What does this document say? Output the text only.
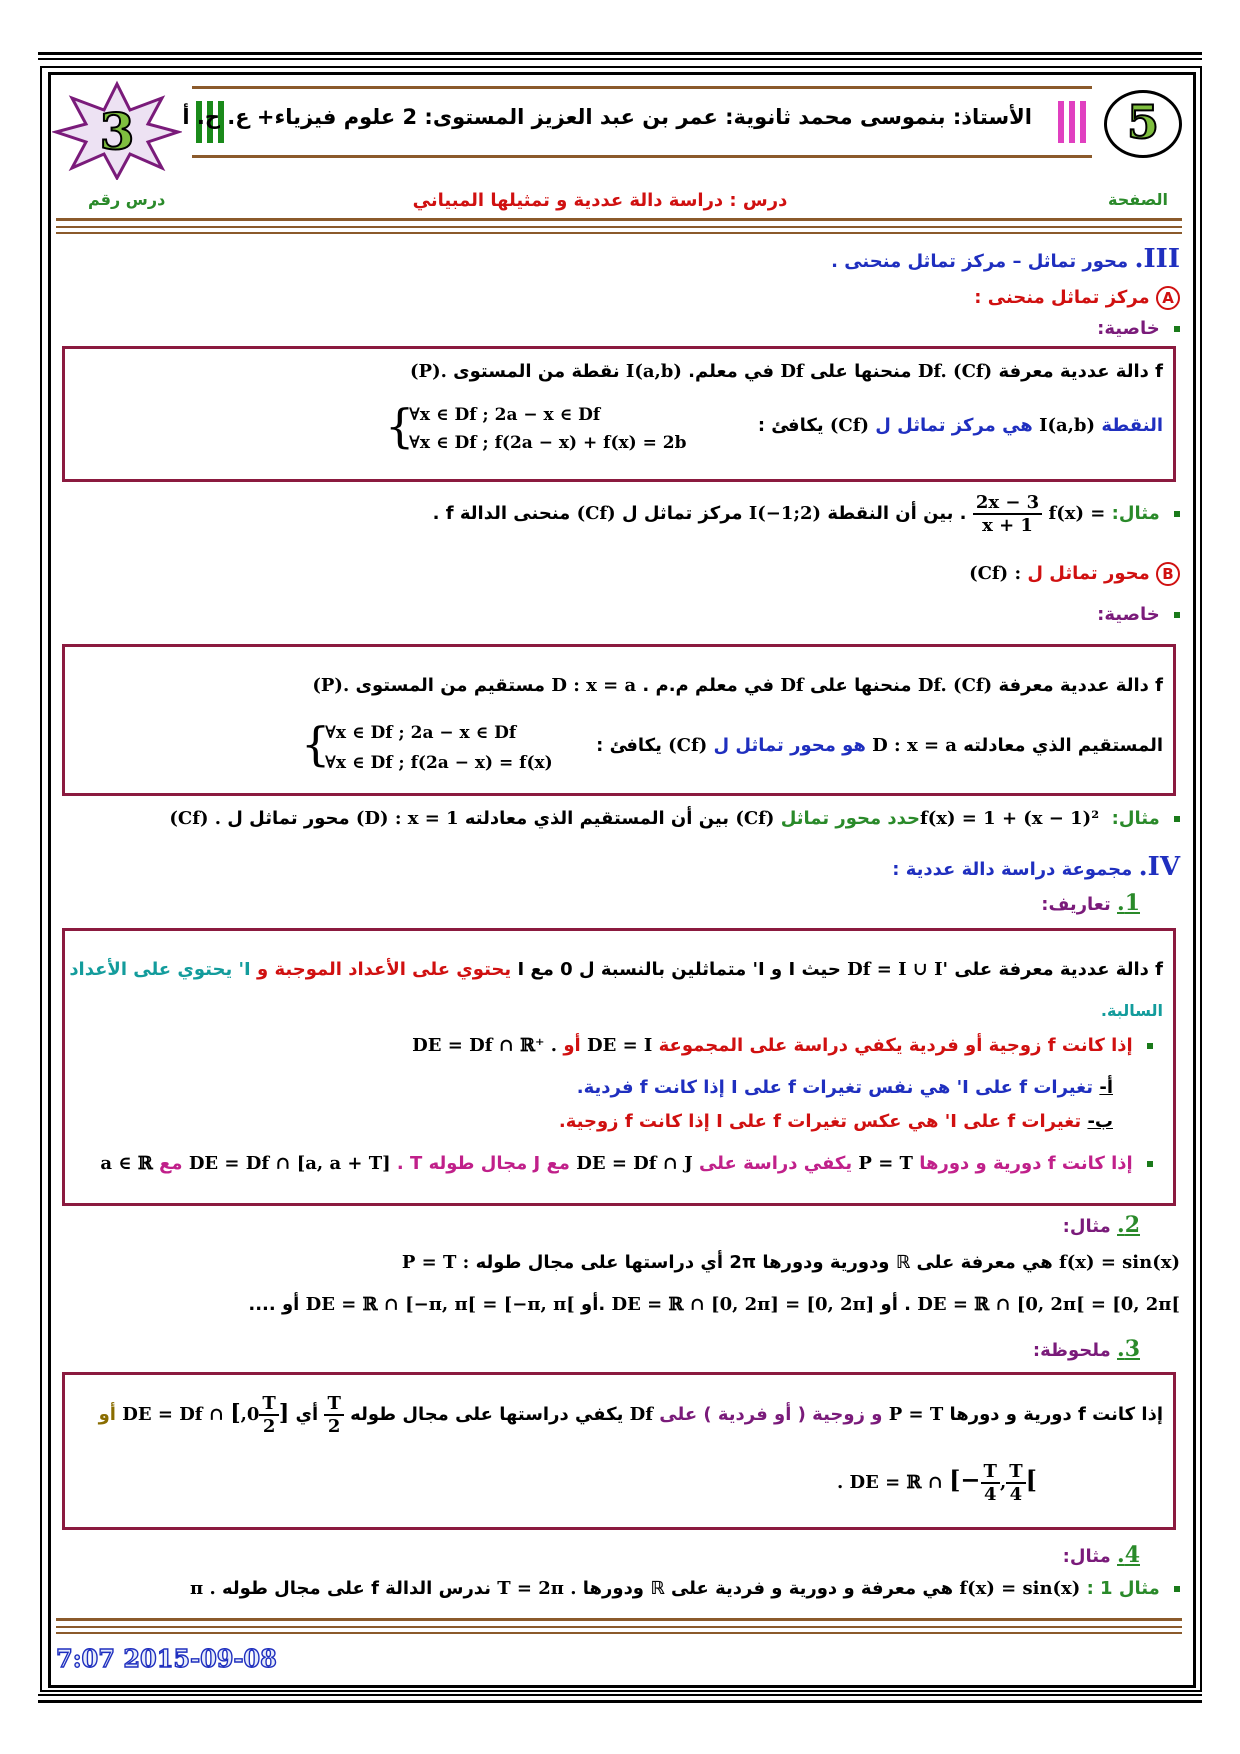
3 الأستاذ: بنموسى محمد ثانوية: عمر بن عبد العزيز المستوى: 2 علوم فيزياء+ ع. ح. أ	5
درس رقم	درس : دراسة دالة عددية و تمثيلها المبياني	الصفحة
III. محور تماثل – مركز تماثل منحنى .
A مركز تماثل منحنى :
خاصية:
f دالة عددية معرفة Df. (Cf) منحنها على Df في معلم. I(a,b) نقطة من المستوى (P).
النقطة I(a,b) هي مركز تماثل ل (Cf) يكافئ :
{
∀x ∈ Df ; 2a − x ∈ Df
∀x ∈ Df ; f(2a − x) + f(x) = 2b
مثال: f(x) =
$\frac{2x - 3}{x + 1}$
. بين أن النقطة I(−1;2) مركز تماثل ل (Cf) منحنى الدالة f .
B محور تماثل ل (Cf) :
خاصية:
f دالة عددية معرفة Df. (Cf) منحنها على Df في معلم م.م . D : x = a مستقيم من المستوى (P).
المستقيم الذي معادلته D : x = a هو محور تماثل ل (Cf) يكافئ :
{
∀x ∈ Df ; 2a − x ∈ Df
∀x ∈ Df ; f(2a − x) = f(x)
مثال: f(x) = 1 + (x − 1)² حدد محور تماثل (Cf) بين أن المستقيم الذي معادلته (D) : x = 1 محور تماثل ل (Cf) .
IV. مجموعة دراسة دالة عددية :
1. تعاريف:
f دالة عددية معرفة على Df = I ∪ I' حيث I و I' متماثلين بالنسبة ل 0 مع I يحتوي على الأعداد الموجبة و I' يحتوي على الأعداد
السالبة.
إذا كانت f زوجية أو فردية يكفي دراسة على المجموعة DE = I أو DE = Df ∩ ℝ⁺ .
أ- تغيرات f على I' هي نفس تغيرات f على I إذا كانت f فردية.
ب- تغيرات f على I' هي عكس تغيرات f على I إذا كانت f زوجية.
إذا كانت f دورية و دورها P = T يكفي دراسة على DE = Df ∩ J مع J مجال طوله T . DE = Df ∩ [a, a + T] مع a ∈ ℝ
2. مثال:
f(x) = sin(x) هي معرفة على ℝ ودورية ودورها 2π أي دراستها على مجال طوله P = T :
DE = ℝ ∩ [0, 2π[ = [0, 2π[ . أو DE = ℝ ∩ [0, 2π] = [0, 2π] .أو DE = ℝ ∩ [−π, π[ = [−π, π[ أو ....
3. ملحوظة:
إذا كانت f دورية و دورها P = T و زوجية ( أو فردية ) على Df يكفي دراستها على مجال طوله
$\frac{T}{2}$
أي ]
$\frac{T}{2}$
,0[ DE = Df ∩ أو
. DE = ℝ ∩ [− $\frac{T}{4}$ , $\frac{T}{4}$ [
4. مثال:
مثال 1 : f(x) = sin(x) هي معرفة و دورية و فردية على ℝ ودورها T = 2π . ندرس الدالة f على مجال طوله π .
7:07 2015-09-08
